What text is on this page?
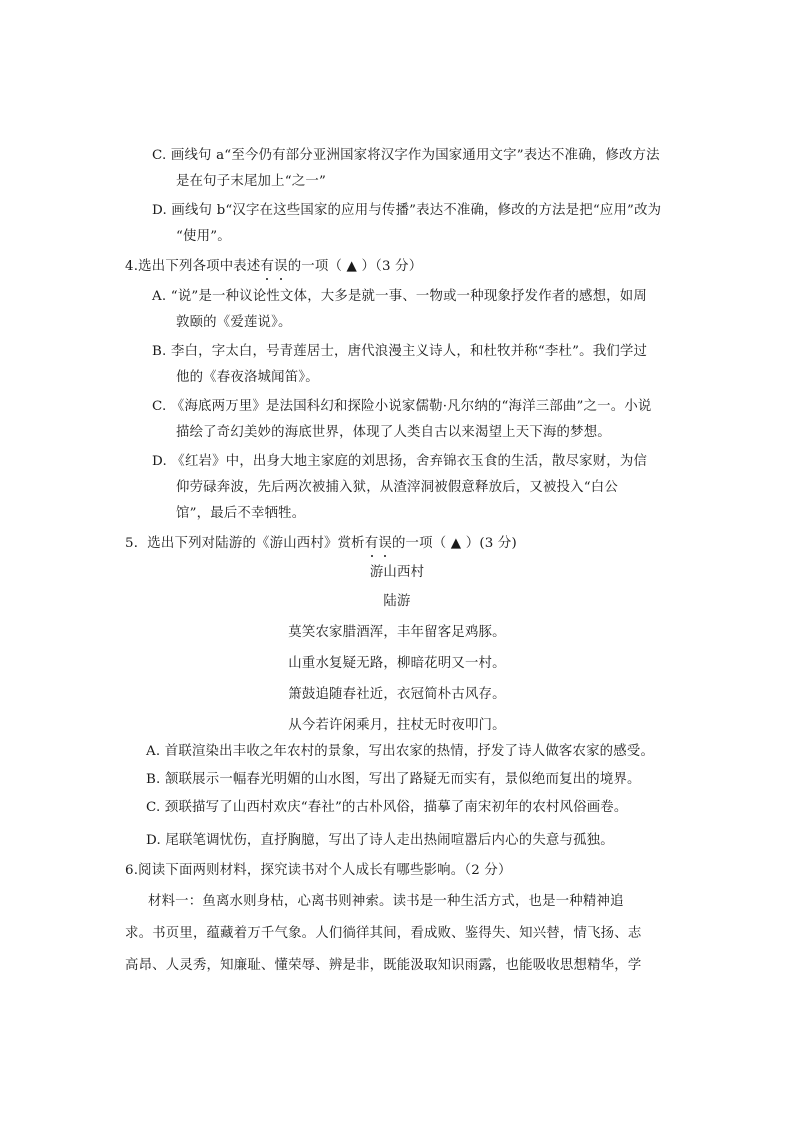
C. 画线句 a“至今仍有部分亚洲国家将汉字作为国家通用文字”表达不准确，修改方法
是在句子末尾加上“之一”
D. 画线句 b“汉字在这些国家的应用与传播”表达不准确，修改的方法是把“应用”改为
“使用”。
4.选出下列各项中表述有误的一项（ ▲ ）（3 分）
A. “说”是一种议论性文体，大多是就一事、一物或一种现象抒发作者的感想，如周
敦颐的《爱莲说》。
B. 李白，字太白，号青莲居士，唐代浪漫主义诗人，和杜牧并称“李杜”。我们学过
他的《春夜洛城闻笛》。
C. 《海底两万里》是法国科幻和探险小说家儒勒·凡尔纳的“海洋三部曲”之一。小说
描绘了奇幻美妙的海底世界，体现了人类自古以来渴望上天下海的梦想。
D. 《红岩》中，出身大地主家庭的刘思扬，舍弃锦衣玉食的生活，散尽家财，为信
仰劳碌奔波，先后两次被捕入狱，从渣滓洞被假意释放后，又被投入“白公
馆”，最后不幸牺牲。
5．选出下列对陆游的《游山西村》赏析有误的一项（ ▲ ）(3 分)
游山西村
陆游
莫笑农家腊酒浑，丰年留客足鸡豚。
山重水复疑无路，柳暗花明又一村。
箫鼓追随春社近，衣冠简朴古风存。
从今若许闲乘月，拄杖无时夜叩门。
A. 首联渲染出丰收之年农村的景象，写出农家的热情，抒发了诗人做客农家的感受。
B. 颔联展示一幅春光明媚的山水图，写出了路疑无而实有，景似绝而复出的境界。
C. 颈联描写了山西村欢庆“春社”的古朴风俗，描摹了南宋初年的农村风俗画卷。
D. 尾联笔调忧伤，直抒胸臆，写出了诗人走出热闹喧嚣后内心的失意与孤独。
6.阅读下面两则材料，探究读书对个人成长有哪些影响。（2 分）
材料一：鱼离水则身枯，心离书则神索。读书是一种生活方式，也是一种精神追
求。书页里，蕴藏着万千气象。人们徜徉其间，看成败、鉴得失、知兴替，情飞扬、志
高昂、人灵秀，知廉耻、懂荣辱、辨是非，既能汲取知识雨露，也能吸收思想精华，学
